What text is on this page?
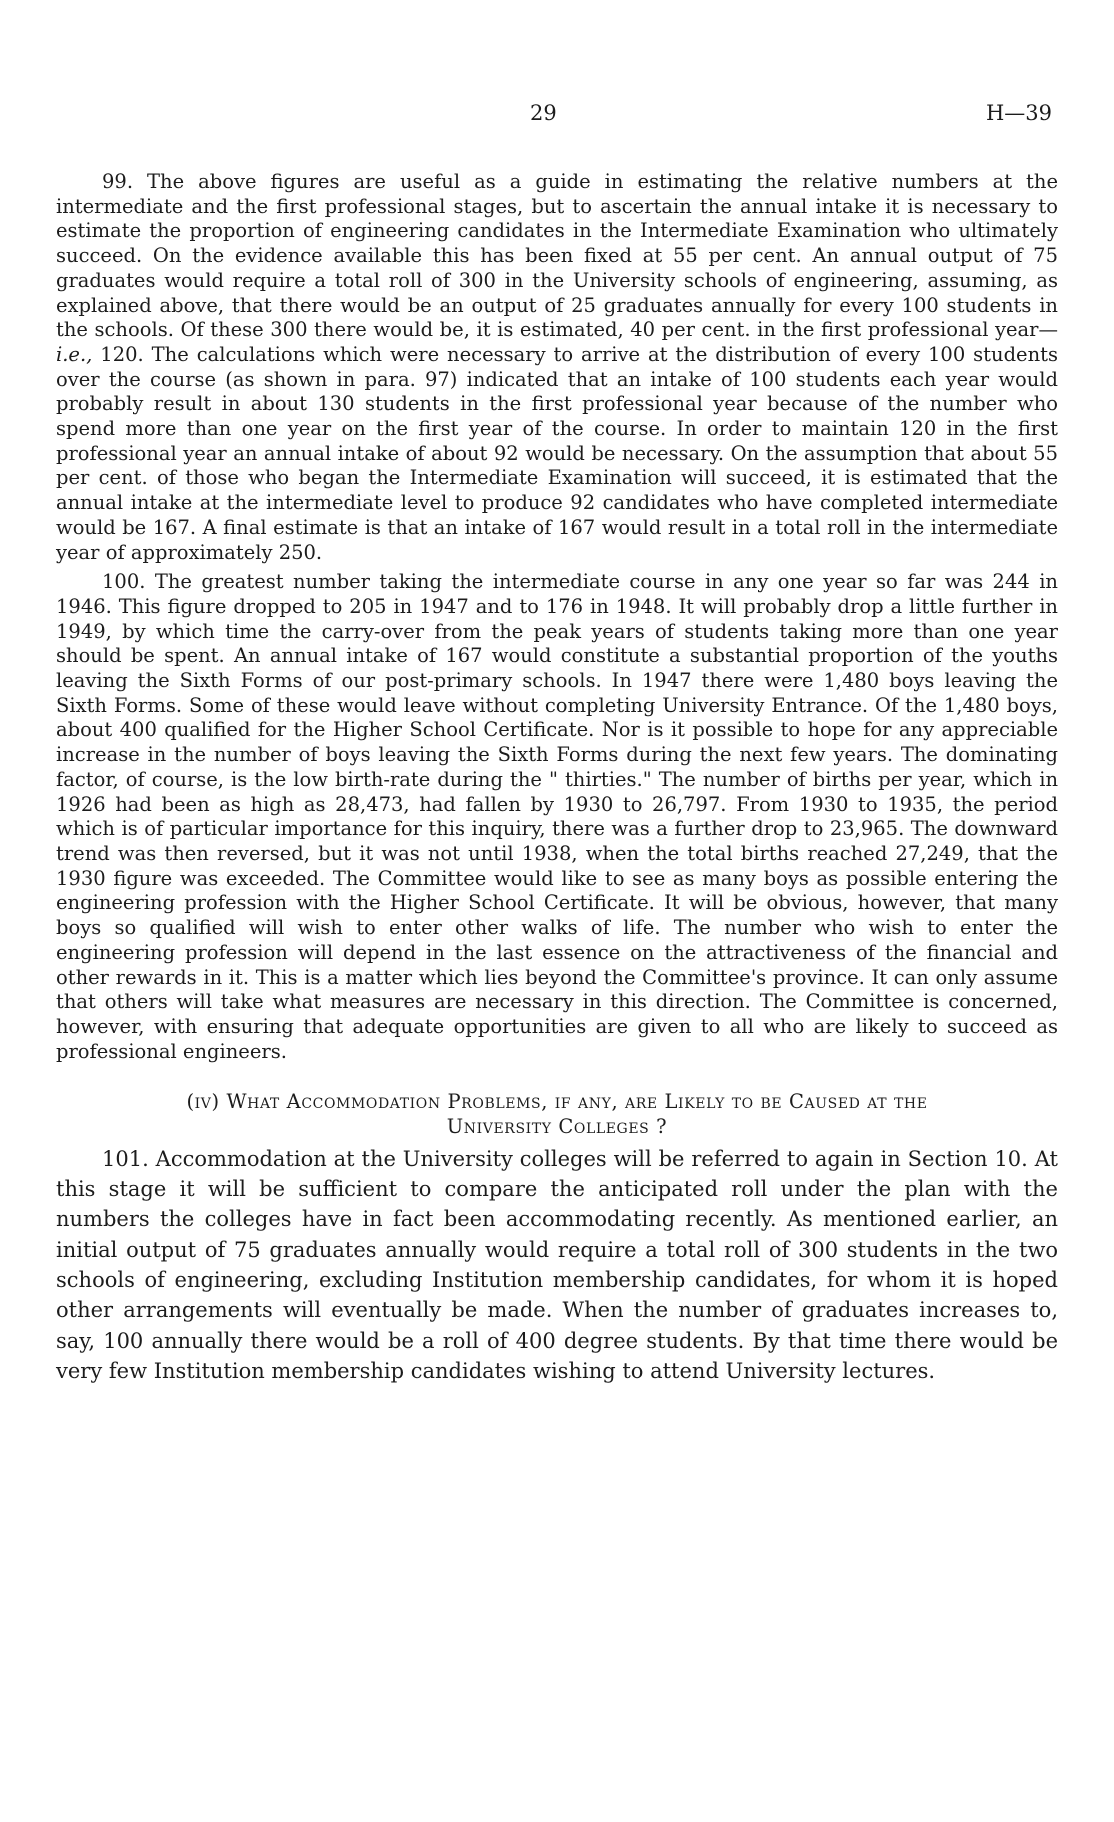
29	H—39

99. The above figures are useful as a guide in estimating the relative numbers at the intermediate and the first professional stages, but to ascertain the annual intake it is necessary to estimate the proportion of engineering candidates in the Intermediate Examination who ultimately succeed. On the evidence available this has been fixed at 55 per cent. An annual output of 75 graduates would require a total roll of 300 in the University schools of engineering, assuming, as explained above, that there would be an output of 25 graduates annually for every 100 students in the schools. Of these 300 there would be, it is estimated, 40 per cent. in the first professional year—i.e., 120. The calculations which were necessary to arrive at the distribution of every 100 students over the course (as shown in para. 97) indicated that an intake of 100 students each year would probably result in about 130 students in the first professional year because of the number who spend more than one year on the first year of the course. In order to maintain 120 in the first professional year an annual intake of about 92 would be necessary. On the assumption that about 55 per cent. of those who began the Intermediate Examination will succeed, it is estimated that the annual intake at the intermediate level to produce 92 candidates who have completed intermediate would be 167. A final estimate is that an intake of 167 would result in a total roll in the intermediate year of approximately 250.

100. The greatest number taking the intermediate course in any one year so far was 244 in 1946. This figure dropped to 205 in 1947 and to 176 in 1948. It will probably drop a little further in 1949, by which time the carry-over from the peak years of students taking more than one year should be spent. An annual intake of 167 would constitute a substantial proportion of the youths leaving the Sixth Forms of our post-primary schools. In 1947 there were 1,480 boys leaving the Sixth Forms. Some of these would leave without completing University Entrance. Of the 1,480 boys, about 400 qualified for the Higher School Certificate. Nor is it possible to hope for any appreciable increase in the number of boys leaving the Sixth Forms during the next few years. The dominating factor, of course, is the low birth-rate during the " thirties." The number of births per year, which in 1926 had been as high as 28,473, had fallen by 1930 to 26,797. From 1930 to 1935, the period which is of particular importance for this inquiry, there was a further drop to 23,965. The downward trend was then reversed, but it was not until 1938, when the total births reached 27,249, that the 1930 figure was exceeded. The Committee would like to see as many boys as possible entering the engineering profession with the Higher School Certificate. It will be obvious, however, that many boys so qualified will wish to enter other walks of life. The number who wish to enter the engineering profession will depend in the last essence on the attractiveness of the financial and other rewards in it. This is a matter which lies beyond the Committee's province. It can only assume that others will take what measures are necessary in this direction. The Committee is concerned, however, with ensuring that adequate opportunities are given to all who are likely to succeed as professional engineers.

(iv) What Accommodation Problems, if any, are Likely to be Caused at the
University Colleges ?

101. Accommodation at the University colleges will be referred to again in Section 10. At this stage it will be sufficient to compare the anticipated roll under the plan with the numbers the colleges have in fact been accommodating recently. As mentioned earlier, an initial output of 75 graduates annually would require a total roll of 300 students in the two schools of engineering, excluding Institution membership candidates, for whom it is hoped other arrangements will eventually be made. When the number of graduates increases to, say, 100 annually there would be a roll of 400 degree students. By that time there would be very few Institution membership candidates wishing to attend University lectures.
